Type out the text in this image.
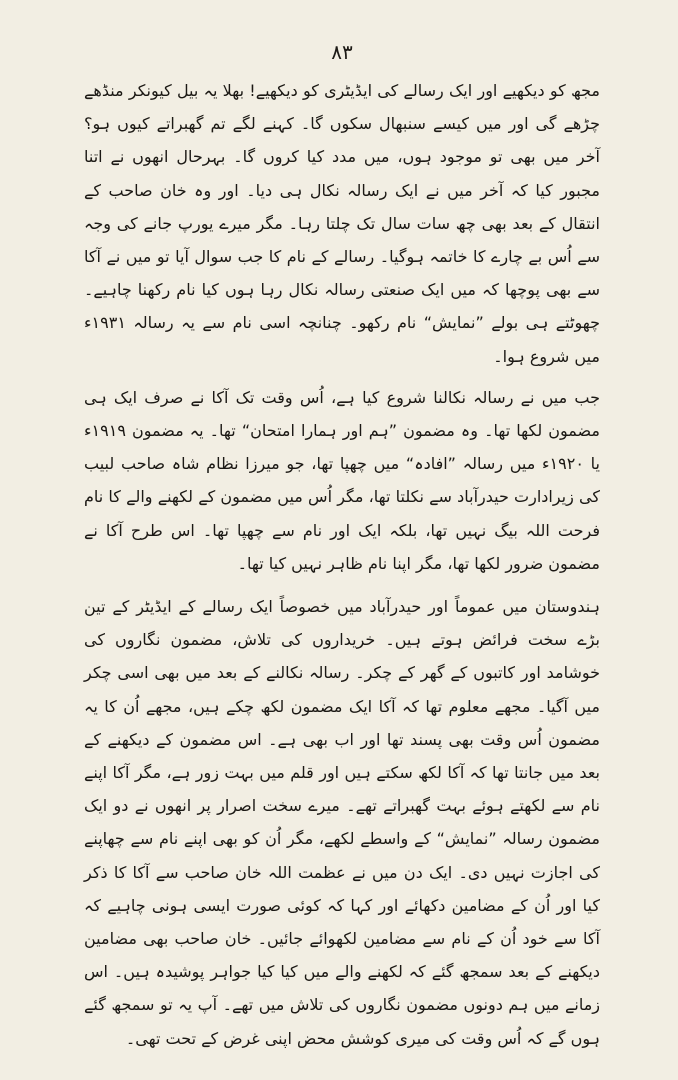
۸۳

مجھ کو دیکھیے اور ایک رسالے کی ایڈیٹری کو دیکھیے! بھلا یہ بیل کیونکر منڈھے چڑھے گی اور میں کیسے سنبھال سکوں گا۔ کہنے لگے تم گھبراتے کیوں ہو؟ آخر میں بھی تو موجود ہوں، میں مدد کیا کروں گا۔ بہرحال انھوں نے اتنا مجبور کیا کہ آخر میں نے ایک رسالہ نکال ہی دیا۔ اور وہ خان صاحب کے انتقال کے بعد بھی چھ سات سال تک چلتا رہا۔ مگر میرے یورپ جانے کی وجہ سے اُس بے چارے کا خاتمہ ہوگیا۔ رسالے کے نام کا جب سوال آیا تو میں نے آکا سے بھی پوچھا کہ میں ایک صنعتی رسالہ نکال رہا ہوں کیا نام رکھنا چاہیے۔ چھوٹتے ہی بولے ”نمایش“ نام رکھو۔ چنانچہ اسی نام سے یہ رسالہ ۱۹۳۱ء میں شروع ہوا۔

جب میں نے رسالہ نکالنا شروع کیا ہے، اُس وقت تک آکا نے صرف ایک ہی مضمون لکھا تھا۔ وہ مضمون ”ہم اور ہمارا امتحان“ تھا۔ یہ مضمون ۱۹۱۹ء یا ۱۹۲۰ء میں رسالہ ”افادہ“ میں چھپا تھا، جو میرزا نظام شاہ صاحب لبیب کی زیرادارت حیدرآباد سے نکلتا تھا، مگر اُس میں مضمون کے لکھنے والے کا نام فرحت اللہ بیگ نہیں تھا، بلکہ ایک اور نام سے چھپا تھا۔ اس طرح آکا نے مضمون ضرور لکھا تھا، مگر اپنا نام ظاہر نہیں کیا تھا۔

ہندوستان میں عموماً اور حیدرآباد میں خصوصاً ایک رسالے کے ایڈیٹر کے تین بڑے سخت فرائض ہوتے ہیں۔ خریداروں کی تلاش، مضمون نگاروں کی خوشامد اور کاتبوں کے گھر کے چکر۔ رسالہ نکالنے کے بعد میں بھی اسی چکر میں آگیا۔ مجھے معلوم تھا کہ آکا ایک مضمون لکھ چکے ہیں، مجھے اُن کا یہ مضمون اُس وقت بھی پسند تھا اور اب بھی ہے۔ اس مضمون کے دیکھنے کے بعد میں جانتا تھا کہ آکا لکھ سکتے ہیں اور قلم میں بہت زور ہے، مگر آکا اپنے نام سے لکھتے ہوئے بہت گھبراتے تھے۔ میرے سخت اصرار پر انھوں نے دو ایک مضمون رسالہ ”نمایش“ کے واسطے لکھے، مگر اُن کو بھی اپنے نام سے چھاپنے کی اجازت نہیں دی۔ ایک دن میں نے عظمت اللہ خان صاحب سے آکا کا ذکر کیا اور اُن کے مضامین دکھائے اور کہا کہ کوئی صورت ایسی ہونی چاہیے کہ آکا سے خود اُن کے نام سے مضامین لکھوائے جائیں۔ خان صاحب بھی مضامین دیکھنے کے بعد سمجھ گئے کہ لکھنے والے میں کیا کیا جواہر پوشیدہ ہیں۔ اس زمانے میں ہم دونوں مضمون نگاروں کی تلاش میں تھے۔ آپ یہ تو سمجھ گئے ہوں گے کہ اُس وقت کی میری کوشش محض اپنی غرض کے تحت تھی۔
